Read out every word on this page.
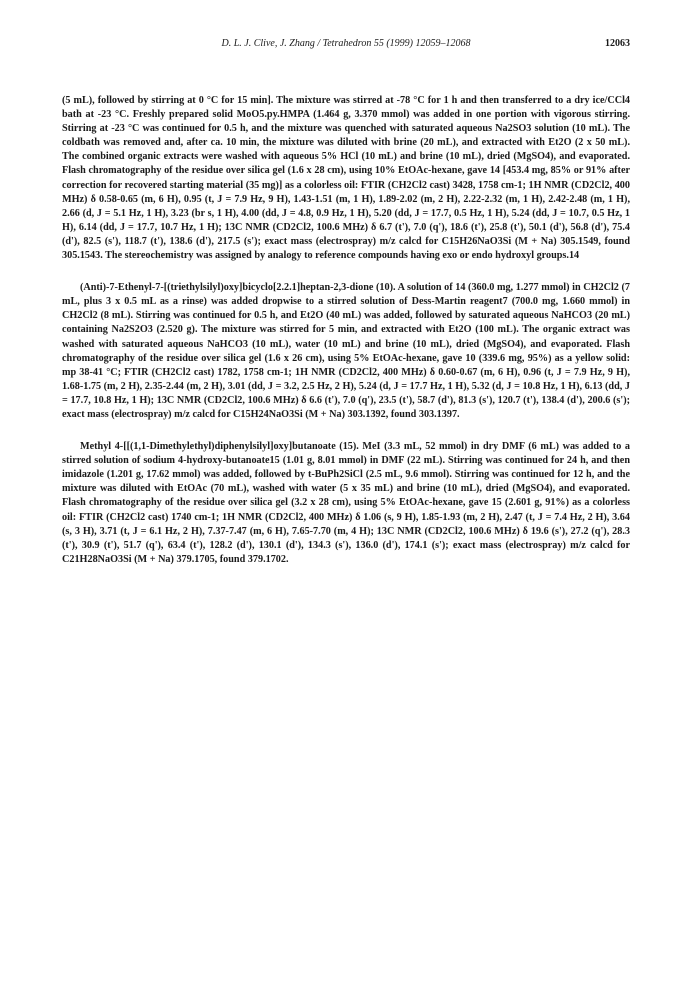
D. L. J. Clive, J. Zhang / Tetrahedron 55 (1999) 12059–12068	12063

(5 mL), followed by stirring at 0 °C for 15 min]. The mixture was stirred at -78 °C for 1 h and then transferred to a dry ice/CCl4 bath at -23 °C. Freshly prepared solid MoO5.py.HMPA (1.464 g, 3.370 mmol) was added in one portion with vigorous stirring. Stirring at -23 °C was continued for 0.5 h, and the mixture was quenched with saturated aqueous Na2SO3 solution (10 mL). The coldbath was removed and, after ca. 10 min, the mixture was diluted with brine (20 mL), and extracted with Et2O (2 x 50 mL). The combined organic extracts were washed with aqueous 5% HCl (10 mL) and brine (10 mL), dried (MgSO4), and evaporated. Flash chromatography of the residue over silica gel (1.6 x 28 cm), using 10% EtOAc-hexane, gave 14 [453.4 mg, 85% or 91% after correction for recovered starting material (35 mg)] as a colorless oil: FTIR (CH2Cl2 cast) 3428, 1758 cm-1; 1H NMR (CD2Cl2, 400 MHz) δ 0.58-0.65 (m, 6 H), 0.95 (t, J = 7.9 Hz, 9 H), 1.43-1.51 (m, 1 H), 1.89-2.02 (m, 2 H), 2.22-2.32 (m, 1 H), 2.42-2.48 (m, 1 H), 2.66 (d, J = 5.1 Hz, 1 H), 3.23 (br s, 1 H), 4.00 (dd, J = 4.8, 0.9 Hz, 1 H), 5.20 (dd, J = 17.7, 0.5 Hz, 1 H), 5.24 (dd, J = 10.7, 0.5 Hz, 1 H), 6.14 (dd, J = 17.7, 10.7 Hz, 1 H); 13C NMR (CD2Cl2, 100.6 MHz) δ 6.7 (t'), 7.0 (q'), 18.6 (t'), 25.8 (t'), 50.1 (d'), 56.8 (d'), 75.4 (d'), 82.5 (s'), 118.7 (t'), 138.6 (d'), 217.5 (s'); exact mass (electrospray) m/z calcd for C15H26NaO3Si (M + Na) 305.1549, found 305.1543. The stereochemistry was assigned by analogy to reference compounds having exo or endo hydroxyl groups.14

(Anti)-7-Ethenyl-7-[(triethylsilyl)oxy]bicyclo[2.2.1]heptan-2,3-dione (10). A solution of 14 (360.0 mg, 1.277 mmol) in CH2Cl2 (7 mL, plus 3 x 0.5 mL as a rinse) was added dropwise to a stirred solution of Dess-Martin reagent7 (700.0 mg, 1.660 mmol) in CH2Cl2 (8 mL). Stirring was continued for 0.5 h, and Et2O (40 mL) was added, followed by saturated aqueous NaHCO3 (20 mL) containing Na2S2O3 (2.520 g). The mixture was stirred for 5 min, and extracted with Et2O (100 mL). The organic extract was washed with saturated aqueous NaHCO3 (10 mL), water (10 mL) and brine (10 mL), dried (MgSO4), and evaporated. Flash chromatography of the residue over silica gel (1.6 x 26 cm), using 5% EtOAc-hexane, gave 10 (339.6 mg, 95%) as a yellow solid: mp 38-41 °C; FTIR (CH2Cl2 cast) 1782, 1758 cm-1; 1H NMR (CD2Cl2, 400 MHz) δ 0.60-0.67 (m, 6 H), 0.96 (t, J = 7.9 Hz, 9 H), 1.68-1.75 (m, 2 H), 2.35-2.44 (m, 2 H), 3.01 (dd, J = 3.2, 2.5 Hz, 2 H), 5.24 (d, J = 17.7 Hz, 1 H), 5.32 (d, J = 10.8 Hz, 1 H), 6.13 (dd, J = 17.7, 10.8 Hz, 1 H); 13C NMR (CD2Cl2, 100.6 MHz) δ 6.6 (t'), 7.0 (q'), 23.5 (t'), 58.7 (d'), 81.3 (s'), 120.7 (t'), 138.4 (d'), 200.6 (s'); exact mass (electrospray) m/z calcd for C15H24NaO3Si (M + Na) 303.1392, found 303.1397.

Methyl 4-[[(1,1-Dimethylethyl)diphenylsilyl]oxy]butanoate (15). MeI (3.3 mL, 52 mmol) in dry DMF (6 mL) was added to a stirred solution of sodium 4-hydroxy-butanoate15 (1.01 g, 8.01 mmol) in DMF (22 mL). Stirring was continued for 24 h, and then imidazole (1.201 g, 17.62 mmol) was added, followed by t-BuPh2SiCl (2.5 mL, 9.6 mmol). Stirring was continued for 12 h, and the mixture was diluted with EtOAc (70 mL), washed with water (5 x 35 mL) and brine (10 mL), dried (MgSO4), and evaporated. Flash chromatography of the residue over silica gel (3.2 x 28 cm), using 5% EtOAc-hexane, gave 15 (2.601 g, 91%) as a colorless oil: FTIR (CH2Cl2 cast) 1740 cm-1; 1H NMR (CD2Cl2, 400 MHz) δ 1.06 (s, 9 H), 1.85-1.93 (m, 2 H), 2.47 (t, J = 7.4 Hz, 2 H), 3.64 (s, 3 H), 3.71 (t, J = 6.1 Hz, 2 H), 7.37-7.47 (m, 6 H), 7.65-7.70 (m, 4 H); 13C NMR (CD2Cl2, 100.6 MHz) δ 19.6 (s'), 27.2 (q'), 28.3 (t'), 30.9 (t'), 51.7 (q'), 63.4 (t'), 128.2 (d'), 130.1 (d'), 134.3 (s'), 136.0 (d'), 174.1 (s'); exact mass (electrospray) m/z calcd for C21H28NaO3Si (M + Na) 379.1705, found 379.1702.
